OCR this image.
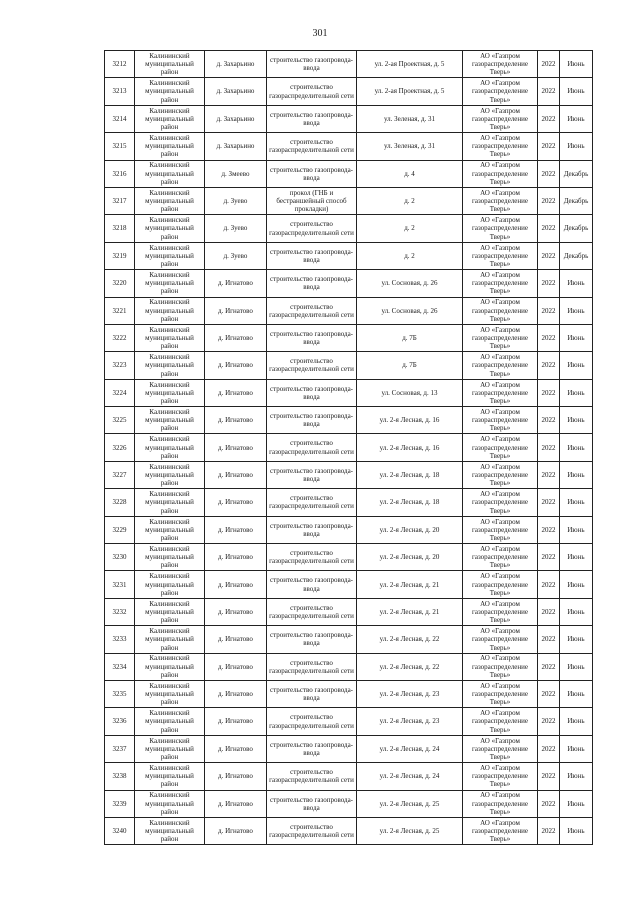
301
3212	Калининский муниципальный район	д. Захарьино	строительство газопровода-ввода	ул. 2-ая Проектная, д. 5	АО «Газпром газораспределение Тверь»	2022	Июнь
3213	Калининский муниципальный район	д. Захарьино	строительство газораспределительной сети	ул. 2-ая Проектная, д. 5	АО «Газпром газораспределение Тверь»	2022	Июнь
3214	Калининский муниципальный район	д. Захарьино	строительство газопровода-ввода	ул. Зеленая, д. 31	АО «Газпром газораспределение Тверь»	2022	Июнь
3215	Калининский муниципальный район	д. Захарьино	строительство газораспределительной сети	ул. Зеленая, д. 31	АО «Газпром газораспределение Тверь»	2022	Июнь
3216	Калининский муниципальный район	д. Змеево	строительство газопровода-ввода	д. 4	АО «Газпром газораспределение Тверь»	2022	Декабрь
3217	Калининский муниципальный район	д. Зуево	прокол (ГНБ и бестраншейный способ прокладки)	д. 2	АО «Газпром газораспределение Тверь»	2022	Декабрь
3218	Калининский муниципальный район	д. Зуево	строительство газораспределительной сети	д. 2	АО «Газпром газораспределение Тверь»	2022	Декабрь
3219	Калининский муниципальный район	д. Зуево	строительство газопровода-ввода	д. 2	АО «Газпром газораспределение Тверь»	2022	Декабрь
3220	Калининский муниципальный район	д. Игнатово	строительство газопровода-ввода	ул. Сосновая, д. 26	АО «Газпром газораспределение Тверь»	2022	Июнь
3221	Калининский муниципальный район	д. Игнатово	строительство газораспределительной сети	ул. Сосновая, д. 26	АО «Газпром газораспределение Тверь»	2022	Июнь
3222	Калининский муниципальный район	д. Игнатово	строительство газопровода-ввода	д. 7Б	АО «Газпром газораспределение Тверь»	2022	Июнь
3223	Калининский муниципальный район	д. Игнатово	строительство газораспределительной сети	д. 7Б	АО «Газпром газораспределение Тверь»	2022	Июнь
3224	Калининский муниципальный район	д. Игнатово	строительство газопровода-ввода	ул. Сосновая, д. 13	АО «Газпром газораспределение Тверь»	2022	Июнь
3225	Калининский муниципальный район	д. Игнатово	строительство газопровода-ввода	ул. 2-я Лесная, д. 16	АО «Газпром газораспределение Тверь»	2022	Июнь
3226	Калининский муниципальный район	д. Игнатово	строительство газораспределительной сети	ул. 2-я Лесная, д. 16	АО «Газпром газораспределение Тверь»	2022	Июнь
3227	Калининский муниципальный район	д. Игнатово	строительство газопровода-ввода	ул. 2-я Лесная, д. 18	АО «Газпром газораспределение Тверь»	2022	Июнь
3228	Калининский муниципальный район	д. Игнатово	строительство газораспределительной сети	ул. 2-я Лесная, д. 18	АО «Газпром газораспределение Тверь»	2022	Июнь
3229	Калининский муниципальный район	д. Игнатово	строительство газопровода-ввода	ул. 2-я Лесная, д. 20	АО «Газпром газораспределение Тверь»	2022	Июнь
3230	Калининский муниципальный район	д. Игнатово	строительство газораспределительной сети	ул. 2-я Лесная, д. 20	АО «Газпром газораспределение Тверь»	2022	Июнь
3231	Калининский муниципальный район	д. Игнатово	строительство газопровода-ввода	ул. 2-я Лесная, д. 21	АО «Газпром газораспределение Тверь»	2022	Июнь
3232	Калининский муниципальный район	д. Игнатово	строительство газораспределительной сети	ул. 2-я Лесная, д. 21	АО «Газпром газораспределение Тверь»	2022	Июнь
3233	Калининский муниципальный район	д. Игнатово	строительство газопровода-ввода	ул. 2-я Лесная, д. 22	АО «Газпром газораспределение Тверь»	2022	Июнь
3234	Калининский муниципальный район	д. Игнатово	строительство газораспределительной сети	ул. 2-я Лесная, д. 22	АО «Газпром газораспределение Тверь»	2022	Июнь
3235	Калининский муниципальный район	д. Игнатово	строительство газопровода-ввода	ул. 2-я Лесная, д. 23	АО «Газпром газораспределение Тверь»	2022	Июнь
3236	Калининский муниципальный район	д. Игнатово	строительство газораспределительной сети	ул. 2-я Лесная, д. 23	АО «Газпром газораспределение Тверь»	2022	Июнь
3237	Калининский муниципальный район	д. Игнатово	строительство газопровода-ввода	ул. 2-я Лесная, д. 24	АО «Газпром газораспределение Тверь»	2022	Июнь
3238	Калининский муниципальный район	д. Игнатово	строительство газораспределительной сети	ул. 2-я Лесная, д. 24	АО «Газпром газораспределение Тверь»	2022	Июнь
3239	Калининский муниципальный район	д. Игнатово	строительство газопровода-ввода	ул. 2-я Лесная, д. 25	АО «Газпром газораспределение Тверь»	2022	Июнь
3240	Калининский муниципальный район	д. Игнатово	строительство газораспределительной сети	ул. 2-я Лесная, д. 25	АО «Газпром газораспределение Тверь»	2022	Июнь
